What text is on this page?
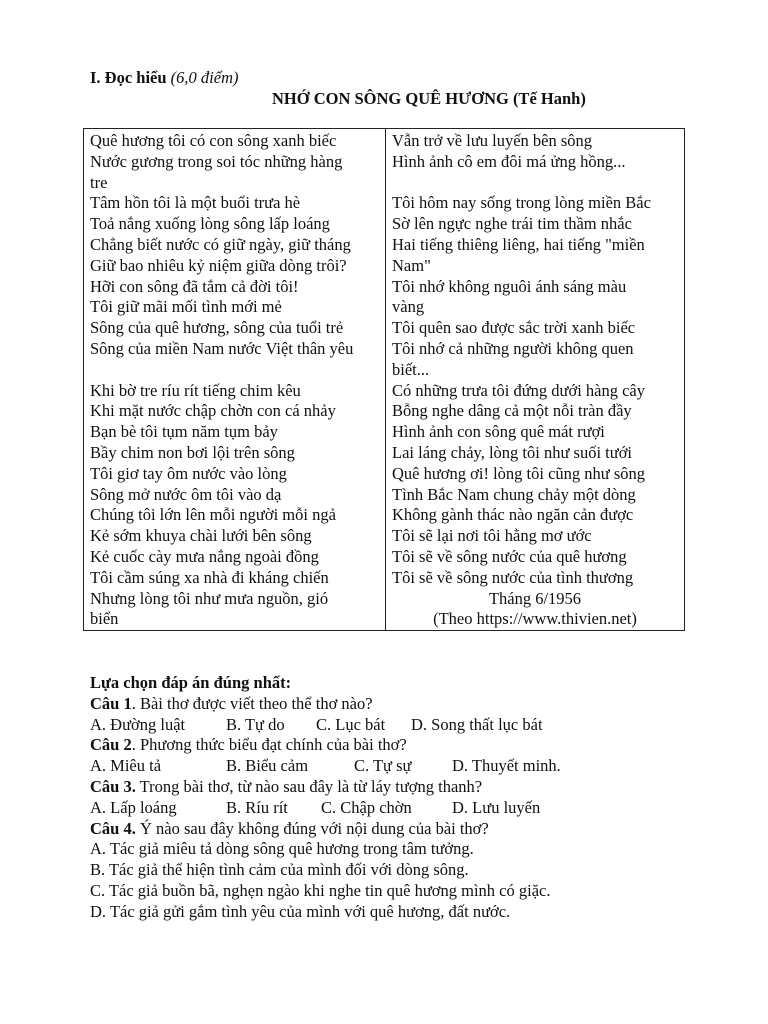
I. Đọc hiểu (6,0 điểm)
NHỚ CON SÔNG QUÊ HƯƠNG (Tế Hanh)
Quê hương tôi có con sông xanh biếc
Nước gương trong soi tóc những hàng
tre
Tâm hồn tôi là một buổi trưa hè
Toả nắng xuống lòng sông lấp loáng
Chẳng biết nước có giữ ngày, giữ tháng
Giữ bao nhiêu kỷ niệm giữa dòng trôi?
Hỡi con sông đã tắm cả đời tôi!
Tôi giữ mãi mối tình mới mẻ
Sông của quê hương, sông của tuổi trẻ
Sông của miền Nam nước Việt thân yêu
Khi bờ tre ríu rít tiếng chim kêu
Khi mặt nước chập chờn con cá nhảy
Bạn bè tôi tụm năm tụm bảy
Bầy chim non bơi lội trên sông
Tôi giơ tay ôm nước vào lòng
Sông mở nước ôm tôi vào dạ
Chúng tôi lớn lên mỗi người mỗi ngả
Kẻ sớm khuya chài lưới bên sông
Kẻ cuốc cày mưa nắng ngoài đồng
Tôi cầm súng xa nhà đi kháng chiến
Nhưng lòng tôi như mưa nguồn, gió
biển
Vẫn trở về lưu luyến bên sông
Hình ảnh cô em đôi má ửng hồng...
Tôi hôm nay sống trong lòng miền Bắc
Sờ lên ngực nghe trái tim thầm nhắc
Hai tiếng thiêng liêng, hai tiếng "miền
Nam"
Tôi nhớ không nguôi ánh sáng màu
vàng
Tôi quên sao được sắc trời xanh biếc
Tôi nhớ cả những người không quen
biết...
Có những trưa tôi đứng dưới hàng cây
Bỗng nghe dâng cả một nỗi tràn đầy
Hình ảnh con sông quê mát rượi
Lai láng chảy, lòng tôi như suối tưới
Quê hương ơi! lòng tôi cũng như sông
Tình Bắc Nam chung chảy một dòng
Không gành thác nào ngăn cản được
Tôi sẽ lại nơi tôi hằng mơ ước
Tôi sẽ về sông nước của quê hương
Tôi sẽ về sông nước của tình thương
Tháng 6/1956
(Theo https://www.thivien.net)
Lựa chọn đáp án đúng nhất:
Câu 1. Bài thơ được viết theo thể thơ nào?
A. Đường luật B. Tự do C. Lục bát D. Song thất lục bát
Câu 2. Phương thức biểu đạt chính của bài thơ?
A. Miêu tả	B. Biểu cảm	C. Tự sự D. Thuyết minh.
Câu 3. Trong bài thơ, từ nào sau đây là từ láy tượng thanh?
A. Lấp loáng	B. Ríu rít C. Chập chờn D. Lưu luyến
Câu 4. Ý nào sau đây không đúng với nội dung của bài thơ?
A. Tác giả miêu tả dòng sông quê hương trong tâm tưởng.
B. Tác giả thể hiện tình cảm của mình đối với dòng sông.
C. Tác giả buồn bã, nghẹn ngào khi nghe tin quê hương mình có giặc.
D. Tác giả gửi gắm tình yêu của mình với quê hương, đất nước.
